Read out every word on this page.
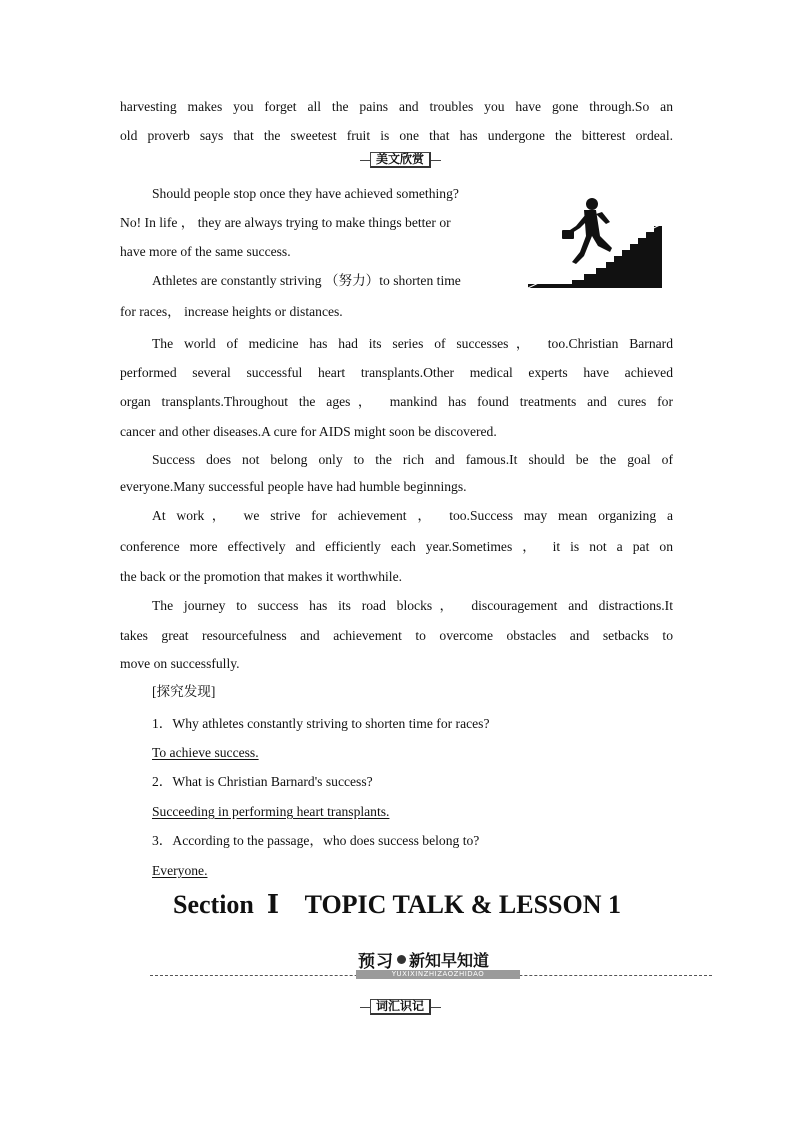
harvesting makes you forget all the pains and troubles you have gone through.So an
old proverb says that the sweetest fruit is one that has undergone the bitterest ordeal.
美文欣赏
Should people stop once they have achieved something?
No! In life ， they are always trying to make things better or
have more of the same success.
Athletes are constantly striving （努力）to shorten time
for races， increase heights or distances.
The world of medicine has had its series of successes， too.Christian Barnard
performed several successful heart transplants.Other medical experts have achieved
organ transplants.Throughout the ages， mankind has found treatments and cures for
cancer and other diseases.A cure for AIDS might soon be discovered.
Success does not belong only to the rich and famous.It should be the goal of
everyone.Many successful people have had humble beginnings.
At work， we strive for achievement ， too.Success may mean organizing a
conference more effectively and efficiently each year.Sometimes ， it is not a pat on
the back or the promotion that makes it worthwhile.
The journey to success has its road blocks， discouragement and distractions.It
takes great resourcefulness and achievement to overcome obstacles and setbacks to
move on successfully.
[探究发现]
1．Why athletes constantly striving to shorten time for races?
To achieve success.
2．What is Christian Barnard's success?
Succeeding in performing heart transplants.
3．According to the passage，who does success belong to?
Everyone.
Section  Ⅰ    TOPIC TALK & LESSON 1
YUXIXINZHIZAOZHIDAO
预习 新知早知道
词汇识记
